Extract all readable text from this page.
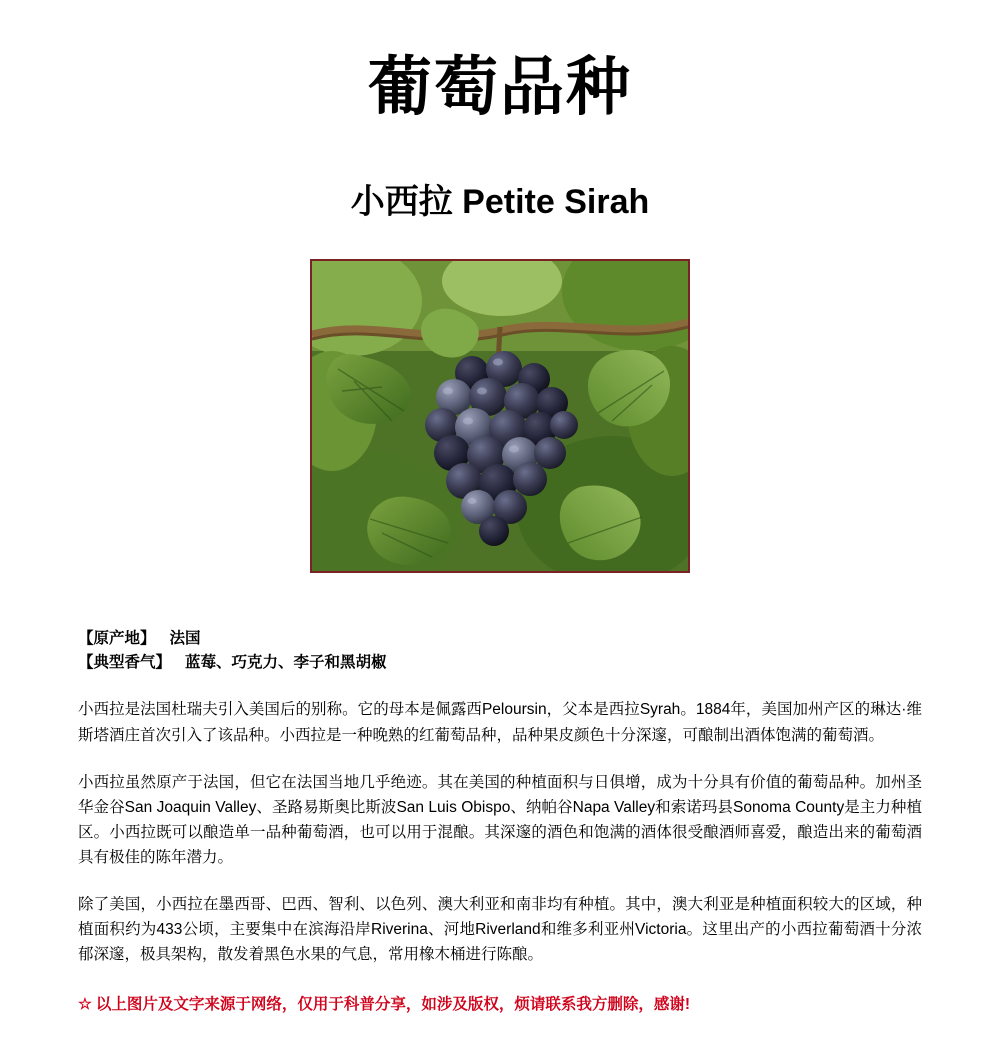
葡萄品种
小西拉 Petite Sirah
【原产地】 法国
【典型香气】 蓝莓、巧克力、李子和黑胡椒

小西拉是法国杜瑞夫引入美国后的别称。它的母本是佩露西Peloursin，父本是西拉Syrah。1884年，美国加州产区的琳达·维斯塔酒庄首次引入了该品种。小西拉是一种晚熟的红葡萄品种，品种果皮颜色十分深邃，可酿制出酒体饱满的葡萄酒。

小西拉虽然原产于法国，但它在法国当地几乎绝迹。其在美国的种植面积与日俱增，成为十分具有价值的葡萄品种。加州圣华金谷San Joaquin Valley、圣路易斯奥比斯波San Luis Obispo、纳帕谷Napa Valley和索诺玛县Sonoma County是主力种植区。小西拉既可以酿造单一品种葡萄酒，也可以用于混酿。其深邃的酒色和饱满的酒体很受酿酒师喜爱，酿造出来的葡萄酒具有极佳的陈年潜力。

除了美国，小西拉在墨西哥、巴西、智利、以色列、澳大利亚和南非均有种植。其中，澳大利亚是种植面积较大的区域，种植面积约为433公顷，主要集中在滨海沿岸Riverina、河地Riverland和维多利亚州Victoria。这里出产的小西拉葡萄酒十分浓郁深邃，极具架构，散发着黑色水果的气息，常用橡木桶进行陈酿。

☆ 以上图片及文字来源于网络，仅用于科普分享，如涉及版权，烦请联系我方删除，感谢!
